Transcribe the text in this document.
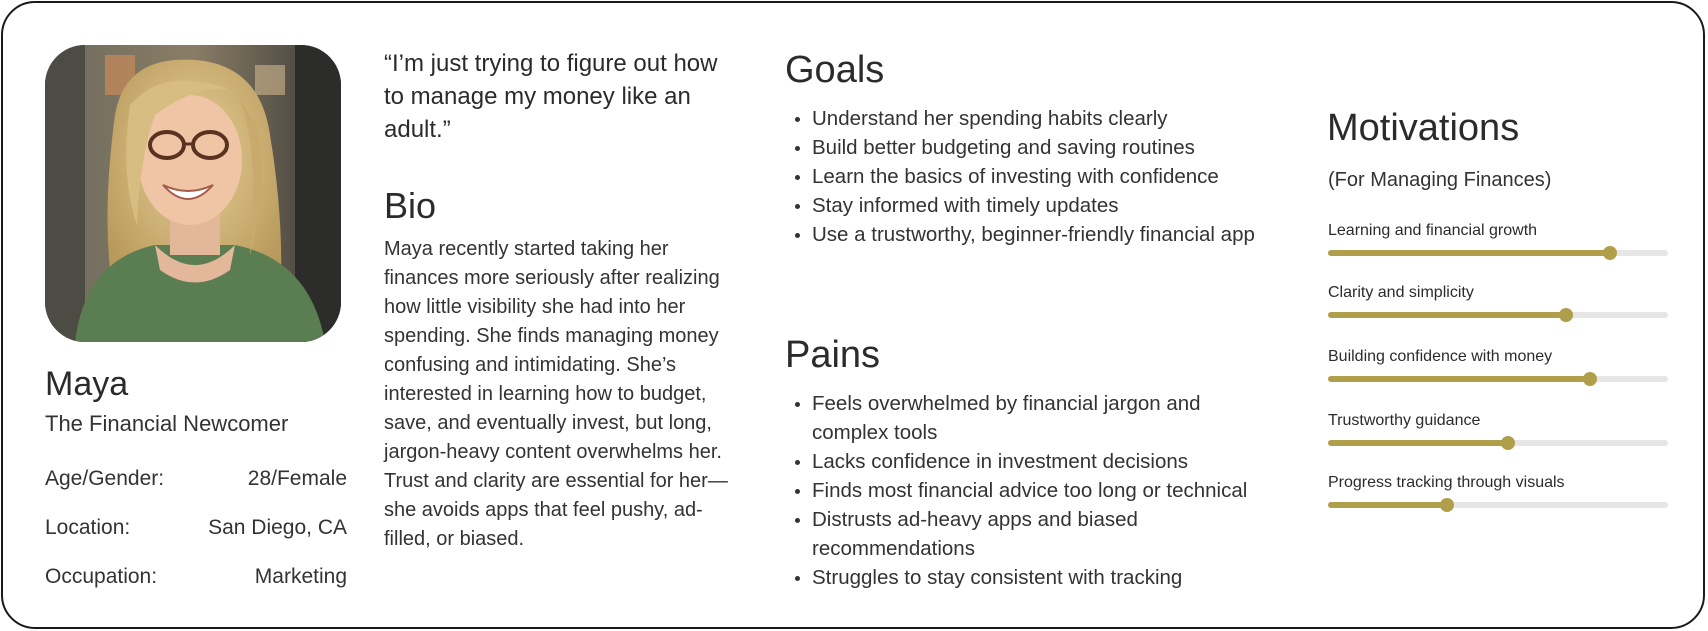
Maya
The Financial Newcomer
Age/Gender:	28/Female
Location:	San Diego, CA
Occupation:	Marketing
“I’m just trying to figure out how to manage my money like an adult.”
Bio
Maya recently started taking her finances more seriously after realizing how little visibility she had into her spending. She finds managing money confusing and intimidating. She’s interested in learning how to budget, save, and eventually invest, but long, jargon-heavy content overwhelms her. Trust and clarity are essential for her—she avoids apps that feel pushy, ad-filled, or biased.
Goals
Understand her spending habits clearly
Build better budgeting and saving routines
Learn the basics of investing with confidence
Stay informed with timely updates
Use a trustworthy, beginner-friendly financial app
Pains
Feels overwhelmed by financial jargon and complex tools
Lacks confidence in investment decisions
Finds most financial advice too long or technical
Distrusts ad-heavy apps and biased recommendations
Struggles to stay consistent with tracking
Motivations
(For Managing Finances)
Learning and financial growth
Clarity and simplicity
Building confidence with money
Trustworthy guidance
Progress tracking through visuals
